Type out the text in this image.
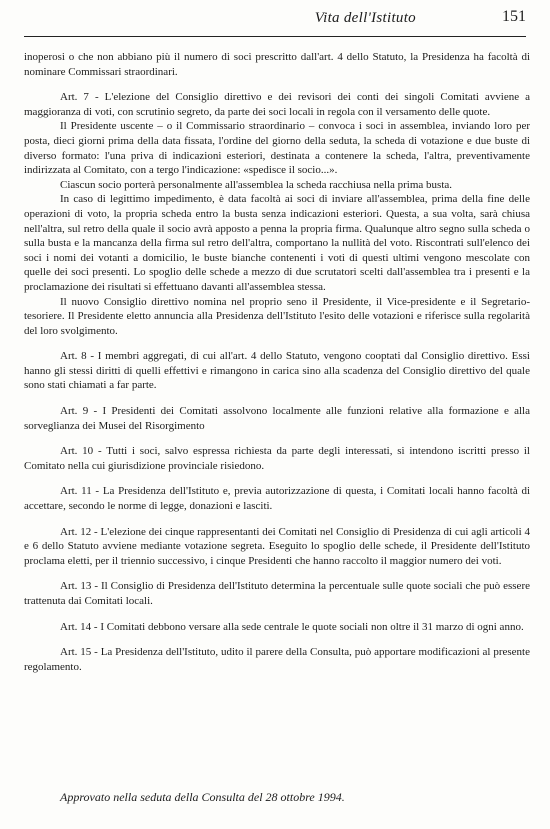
Vita dell'Istituto	151

inoperosi o che non abbiano più il numero di soci prescritto dall'art. 4 dello Statuto, la Presidenza ha facoltà di nominare Commissari straordinari.

Art. 7 - L'elezione del Consiglio direttivo e dei revisori dei conti dei singoli Comitati avviene a maggioranza di voti, con scrutinio segreto, da parte dei soci locali in regola con il versamento delle quote.

Il Presidente uscente – o il Commissario straordinario – convoca i soci in assemblea, inviando loro per posta, dieci giorni prima della data fissata, l'ordine del giorno della seduta, la scheda di votazione e due buste di diverso formato: l'una priva di indicazioni esteriori, destinata a contenere la scheda, l'altra, preventivamente indirizzata al Comitato, con a tergo l'indicazione: «spedisce il socio...».

Ciascun socio porterà personalmente all'assemblea la scheda racchiusa nella prima busta.

In caso di legittimo impedimento, è data facoltà ai soci di inviare all'assemblea, prima della fine delle operazioni di voto, la propria scheda entro la busta senza indicazioni esteriori. Questa, a sua volta, sarà chiusa nell'altra, sul retro della quale il socio avrà apposto a penna la propria firma. Qualunque altro segno sulla scheda o sulla busta e la mancanza della firma sul retro dell'altra, comportano la nullità del voto. Riscontrati sull'elenco dei soci i nomi dei votanti a domicilio, le buste bianche contenenti i voti di questi ultimi vengono mescolate con quelle dei soci presenti. Lo spoglio delle schede a mezzo di due scrutatori scelti dall'assemblea tra i presenti e la proclamazione dei risultati si effettuano davanti all'assemblea stessa.

Il nuovo Consiglio direttivo nomina nel proprio seno il Presidente, il Vice-presidente e il Segretario-tesoriere. Il Presidente eletto annuncia alla Presidenza dell'Istituto l'esito delle votazioni e riferisce sulla regolarità del loro svolgimento.

Art. 8 - I membri aggregati, di cui all'art. 4 dello Statuto, vengono cooptati dal Consiglio direttivo. Essi hanno gli stessi diritti di quelli effettivi e rimangono in carica sino alla scadenza del Consiglio direttivo del quale sono stati chiamati a far parte.

Art. 9 - I Presidenti dei Comitati assolvono localmente alle funzioni relative alla formazione e alla sorveglianza dei Musei del Risorgimento

Art. 10 - Tutti i soci, salvo espressa richiesta da parte degli interessati, si intendono iscritti presso il Comitato nella cui giurisdizione provinciale risiedono.

Art. 11 - La Presidenza dell'Istituto e, previa autorizzazione di questa, i Comitati locali hanno facoltà di accettare, secondo le norme di legge, donazioni e lasciti.

Art. 12 - L'elezione dei cinque rappresentanti dei Comitati nel Consiglio di Presidenza di cui agli articoli 4 e 6 dello Statuto avviene mediante votazione segreta. Eseguito lo spoglio delle schede, il Presidente dell'Istituto proclama eletti, per il triennio successivo, i cinque Presidenti che hanno raccolto il maggior numero dei voti.

Art. 13 - Il Consiglio di Presidenza dell'Istituto determina la percentuale sulle quote sociali che può essere trattenuta dai Comitati locali.

Art. 14 - I Comitati debbono versare alla sede centrale le quote sociali non oltre il 31 marzo di ogni anno.

Art. 15 - La Presidenza dell'Istituto, udito il parere della Consulta, può apportare modificazioni al presente regolamento.

Approvato nella seduta della Consulta del 28 ottobre 1994.
